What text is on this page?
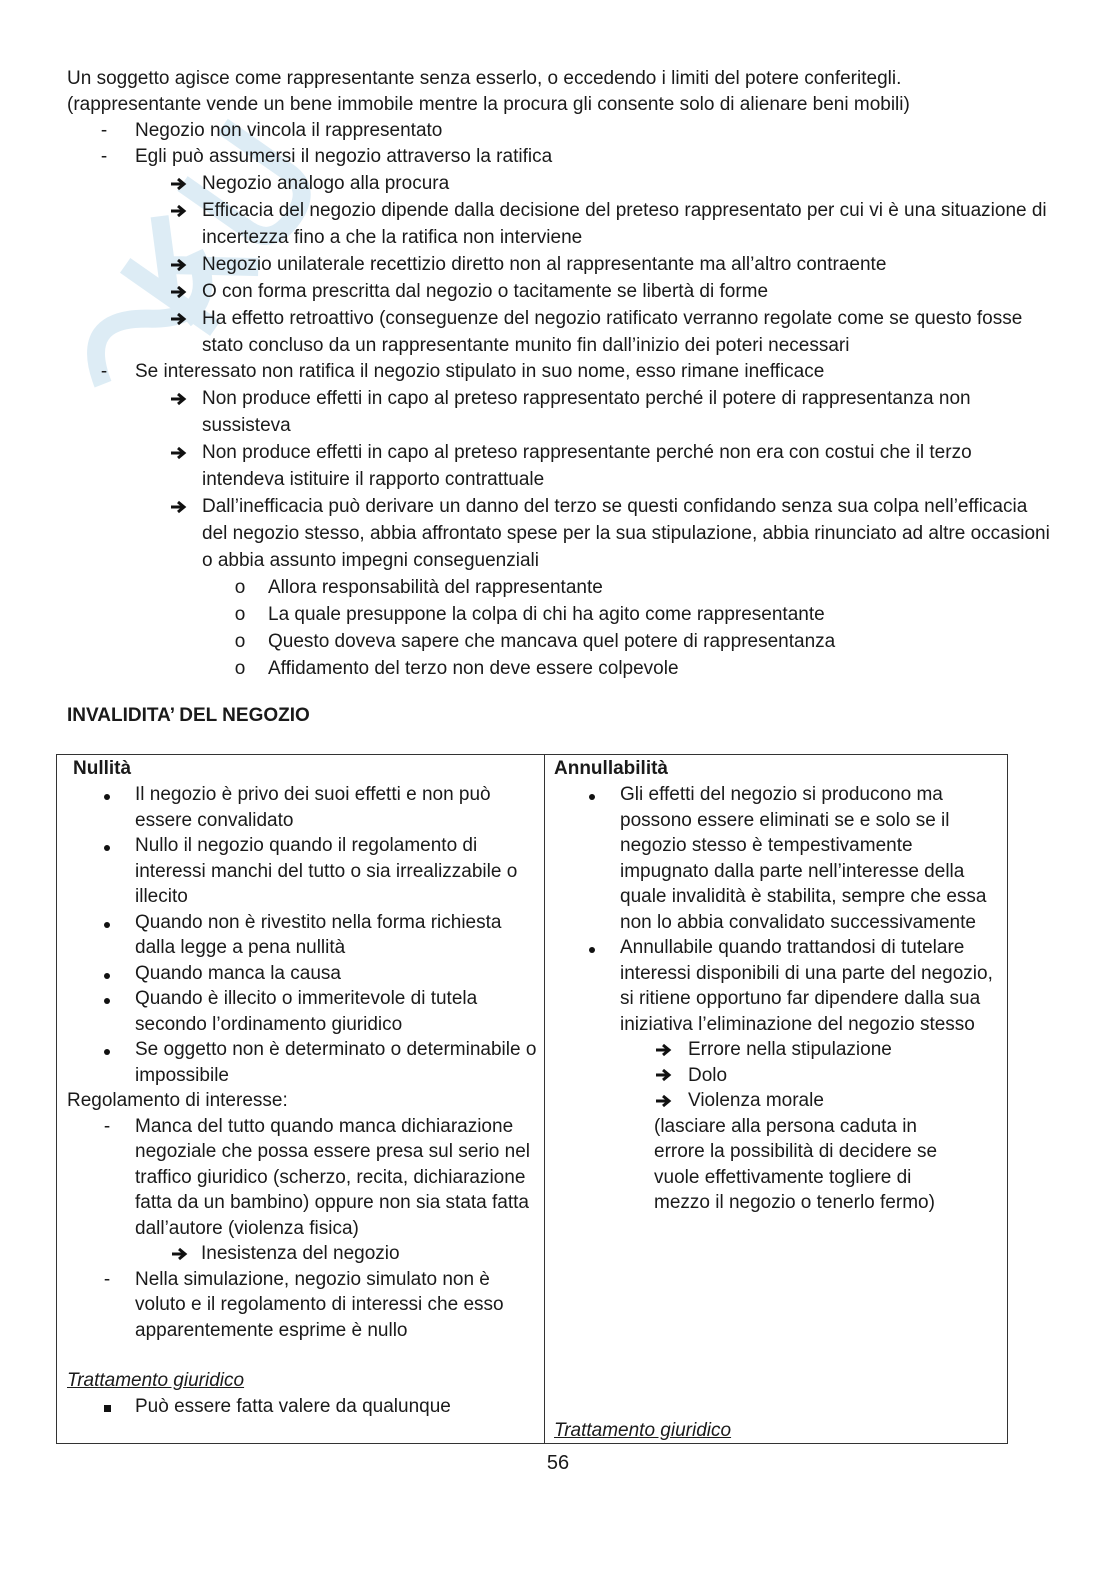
Un soggetto agisce come rappresentante senza esserlo, o eccedendo i limiti del potere conferitegli.
(rappresentante vende un bene immobile mentre la procura gli consente solo di alienare beni mobili)
- Negozio non vincola il rappresentato
- Egli può assumersi il negozio attraverso la ratifica
Negozio analogo alla procura
Efficacia del negozio dipende dalla decisione del preteso rappresentato per cui vi è una situazione di incertezza fino a che la ratifica non interviene
Negozio unilaterale recettizio diretto non al rappresentante ma all’altro contraente
O con forma prescritta dal negozio o tacitamente se libertà di forme
Ha effetto retroattivo (conseguenze del negozio ratificato verranno regolate come se questo fosse stato concluso da un rappresentante munito fin dall’inizio dei poteri necessari
- Se interessato non ratifica il negozio stipulato in suo nome, esso rimane inefficace
Non produce effetti in capo al preteso rappresentato perché il potere di rappresentanza non sussisteva
Non produce effetti in capo al preteso rappresentante perché non era con costui che il terzo intendeva istituire il rapporto contrattuale
Dall’inefficacia può derivare un danno del terzo se questi confidando senza sua colpa nell’efficacia del negozio stesso, abbia affrontato spese per la sua stipulazione, abbia rinunciato ad altre occasioni o abbia assunto impegni conseguenziali
o Allora responsabilità del rappresentante
o La quale presuppone la colpa di chi ha agito come rappresentante
o Questo doveva sapere che mancava quel potere di rappresentanza
o Affidamento del terzo non deve essere colpevole
INVALIDITA’ DEL NEGOZIO
Nullità
Il negozio è privo dei suoi effetti e non può essere convalidato
Nullo il negozio quando il regolamento di interessi manchi del tutto o sia irrealizzabile o illecito
Quando non è rivestito nella forma richiesta dalla legge a pena nullità
Quando manca la causa
Quando è illecito o immeritevole di tutela secondo l’ordinamento giuridico
Se oggetto non è determinato o determinabile o impossibile
Regolamento di interesse:
- Manca del tutto quando manca dichiarazione negoziale che possa essere presa sul serio nel traffico giuridico (scherzo, recita, dichiarazione fatta da un bambino) oppure non sia stata fatta dall’autore (violenza fisica)
Inesistenza del negozio
- Nella simulazione, negozio simulato non è voluto e il regolamento di interessi che esso apparentemente esprime è nullo
Trattamento giuridico
Può essere fatta valere da qualunque
Annullabilità
Gli effetti del negozio si producono ma possono essere eliminati se e solo se il negozio stesso è tempestivamente impugnato dalla parte nell’interesse della quale invalidità è stabilita, sempre che essa non lo abbia convalidato successivamente
Annullabile quando trattandosi di tutelare interessi disponibili di una parte del negozio, si ritiene opportuno far dipendere dalla sua iniziativa l’eliminazione del negozio stesso
Errore nella stipulazione
Dolo
Violenza morale
(lasciare alla persona caduta in errore la possibilità di decidere se vuole effettivamente togliere di mezzo il negozio o tenerlo fermo)
Trattamento giuridico
56
